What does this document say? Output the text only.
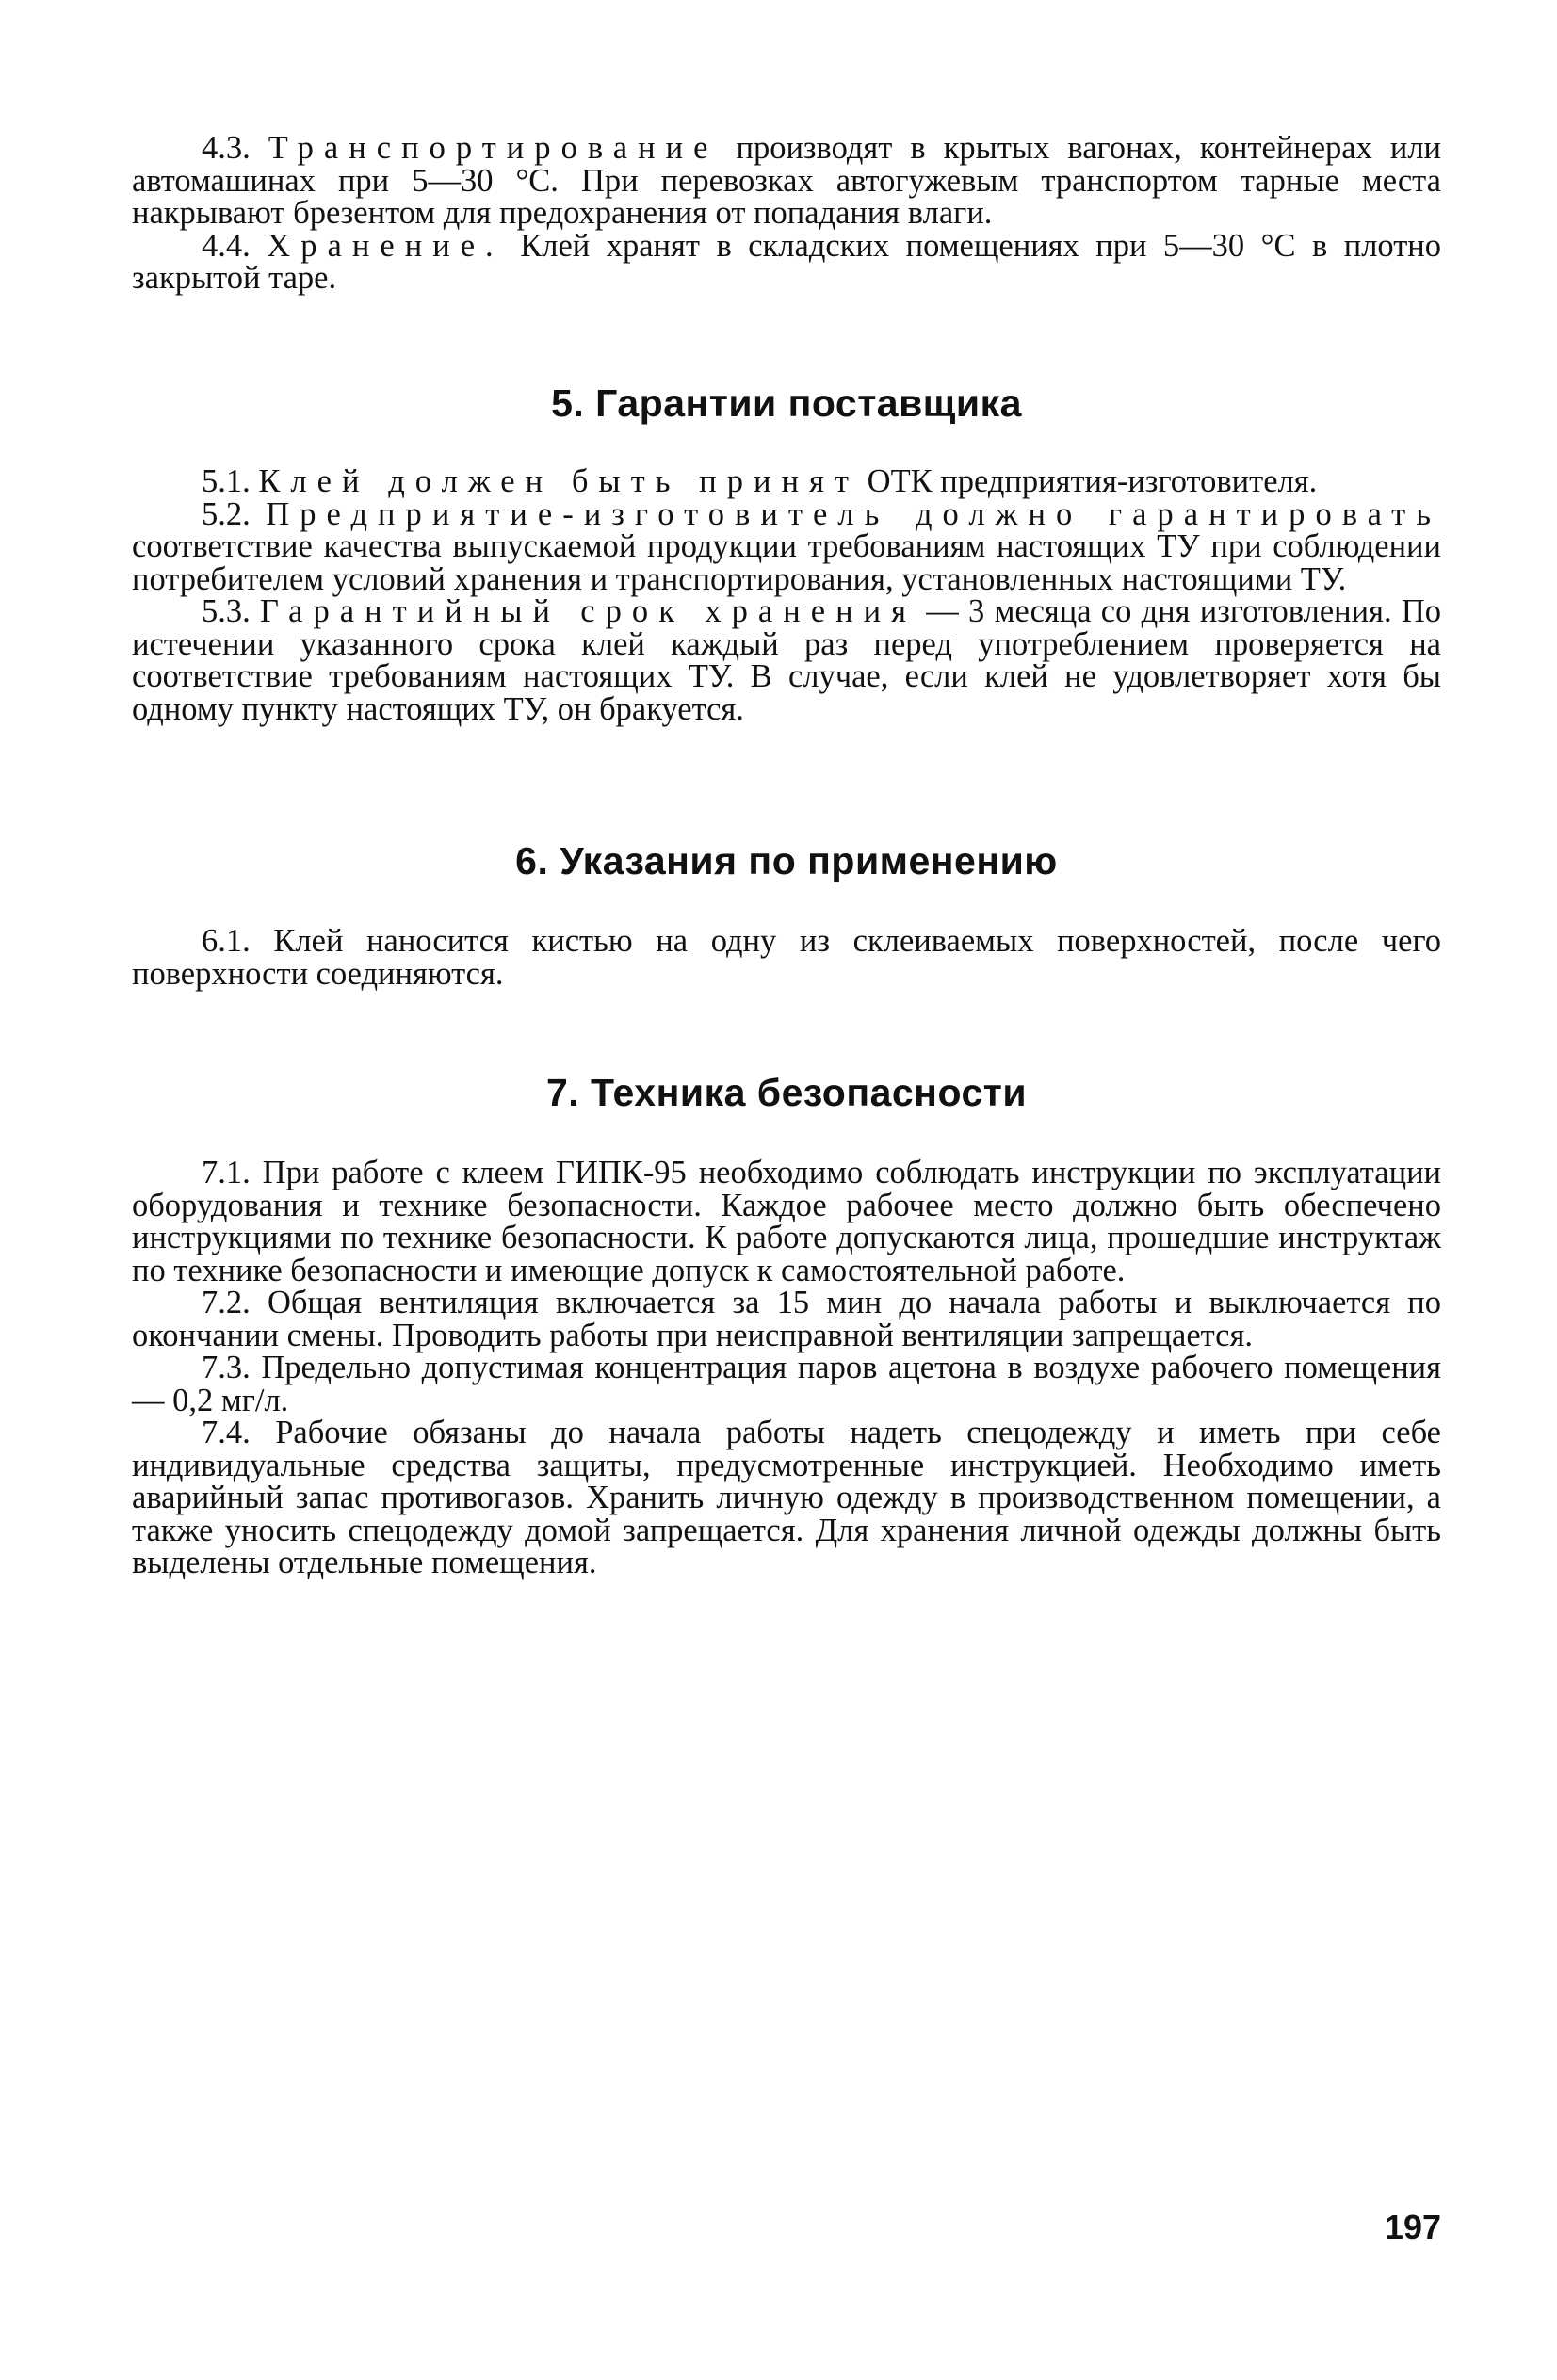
4.3. Транспортирование производят в крытых вагонах, контейнерах или автомашинах при 5—30 °С. При перевозках автогужевым транспортом тарные места накрывают брезентом для предохранения от попадания влаги.

4.4. Хранение. Клей хранят в складских помещениях при 5—30 °С в плотно закрытой таре.

5. Гарантии поставщика

5.1. Клей должен быть принят ОТК предприятия-изготовителя.

5.2. Предприятие-изготовитель должно гарантировать соответствие качества выпускаемой продукции требованиям настоящих ТУ при соблюдении потребителем условий хранения и транспортирования, установленных настоящими ТУ.

5.3. Гарантийный срок хранения — 3 месяца со дня изготовления. По истечении указанного срока клей каждый раз перед употреблением проверяется на соответствие требованиям настоящих ТУ. В случае, если клей не удовлетворяет хотя бы одному пункту настоящих ТУ, он бракуется.

6. Указания по применению

6.1. Клей наносится кистью на одну из склеиваемых поверхностей, после чего поверхности соединяются.

7. Техника безопасности

7.1. При работе с клеем ГИПК-95 необходимо соблюдать инструкции по эксплуатации оборудования и технике безопасности. Каждое рабочее место должно быть обеспечено инструкциями по технике безопасности. К работе допускаются лица, прошедшие инструктаж по технике безопасности и имеющие допуск к самостоятельной работе.

7.2. Общая вентиляция включается за 15 мин до начала работы и выключается по окончании смены. Проводить работы при неисправной вентиляции запрещается.

7.3. Предельно допустимая концентрация паров ацетона в воздухе рабочего помещения — 0,2 мг/л.

7.4. Рабочие обязаны до начала работы надеть спецодежду и иметь при себе индивидуальные средства защиты, предусмотренные инструкцией. Необходимо иметь аварийный запас противогазов. Хранить личную одежду в производственном помещении, а также уносить спецодежду домой запрещается. Для хранения личной одежды должны быть выделены отдельные помещения.

197
